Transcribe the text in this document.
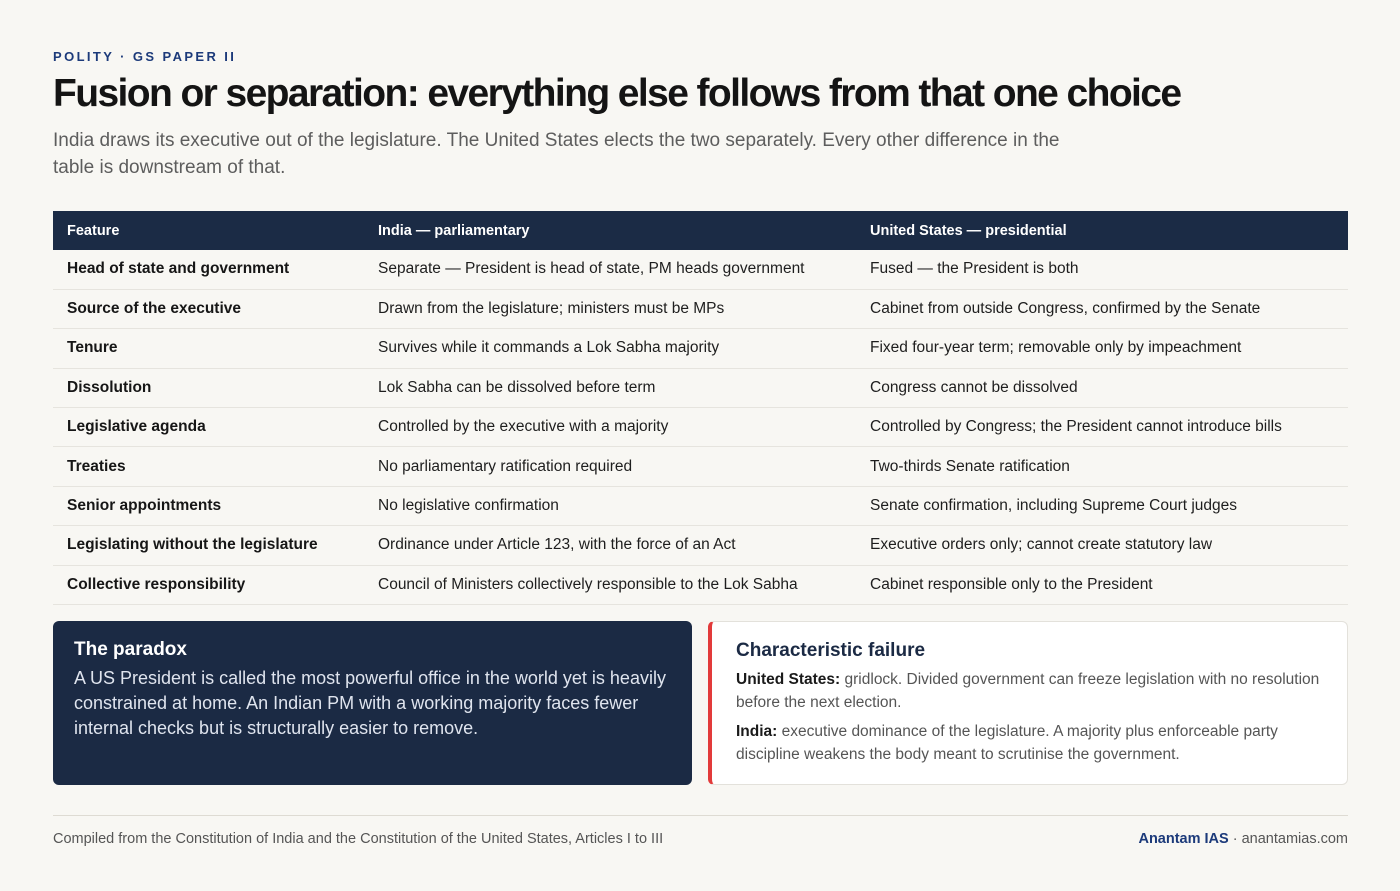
POLITY · GS PAPER II
Fusion or separation: everything else follows from that one choice

India draws its executive out of the legislature. The United States elects the two separately. Every other difference in the table is downstream of that.

Feature	India — parliamentary	United States — presidential
Head of state and government	Separate — President is head of state, PM heads government	Fused — the President is both
Source of the executive	Drawn from the legislature; ministers must be MPs	Cabinet from outside Congress, confirmed by the Senate
Tenure	Survives while it commands a Lok Sabha majority	Fixed four-year term; removable only by impeachment
Dissolution	Lok Sabha can be dissolved before term	Congress cannot be dissolved
Legislative agenda	Controlled by the executive with a majority	Controlled by Congress; the President cannot introduce bills
Treaties	No parliamentary ratification required	Two-thirds Senate ratification
Senior appointments	No legislative confirmation	Senate confirmation, including Supreme Court judges
Legislating without the legislature	Ordinance under Article 123, with the force of an Act	Executive orders only; cannot create statutory law
Collective responsibility	Council of Ministers collectively responsible to the Lok Sabha	Cabinet responsible only to the President
The paradox

A US President is called the most powerful office in the world yet is heavily constrained at home. An Indian PM with a working majority faces fewer internal checks but is structurally easier to remove.

Characteristic failure

United States: gridlock. Divided government can freeze legislation with no resolution before the next election.

India: executive dominance of the legislature. A majority plus enforceable party discipline weakens the body meant to scrutinise the government.

Compiled from the Constitution of India and the Constitution of the United States, Articles I to III	Anantam IAS · anantamias.com
